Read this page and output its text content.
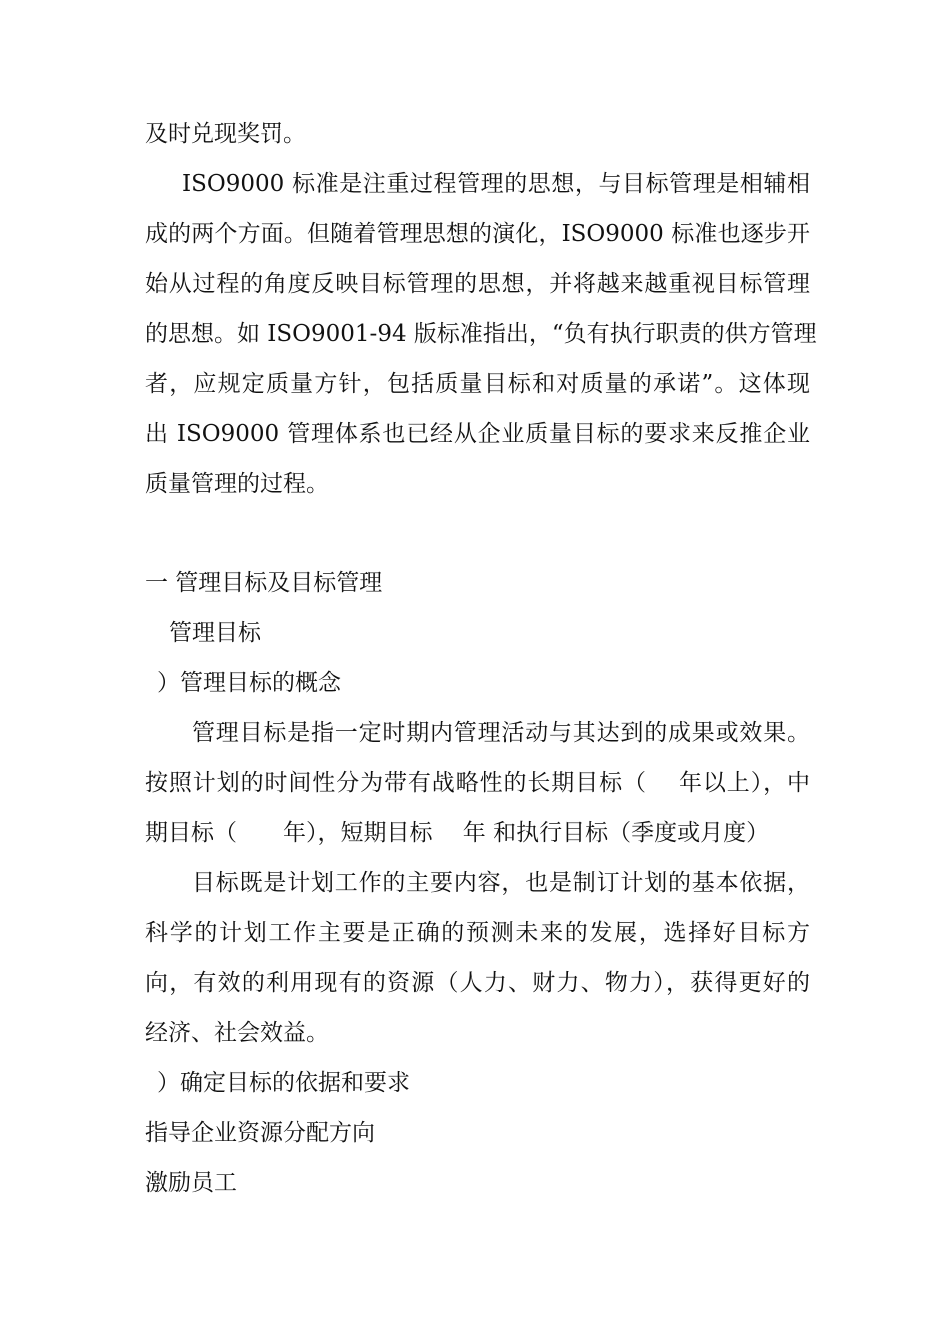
及时兑现奖罚。
ISO9000 标准是注重过程管理的思想，与目标管理是相辅相
成的两个方面。但随着管理思想的演化，ISO9000 标准也逐步开
始从过程的角度反映目标管理的思想，并将越来越重视目标管理
的思想。如 ISO9001-94 版标准指出，“负有执行职责的供方管理
者，应规定质量方针，包括质量目标和对质量的承诺”。这体现
出 ISO9000 管理体系也已经从企业质量目标的要求来反推企业
质量管理的过程。
一 管理目标及目标管理
管理目标
）管理目标的概念
管理目标是指一定时期内管理活动与其达到的成果或效果。
按照计划的时间性分为带有战略性的长期目标（　 年以上），中
期目标（　　年），短期目标　 年 和执行目标（季度或月度）
目标既是计划工作的主要内容，也是制订计划的基本依据，
科学的计划工作主要是正确的预测未来的发展，选择好目标方
向，有效的利用现有的资源（人力、财力、物力），获得更好的
经济、社会效益。
）确定目标的依据和要求
指导企业资源分配方向
激励员工
